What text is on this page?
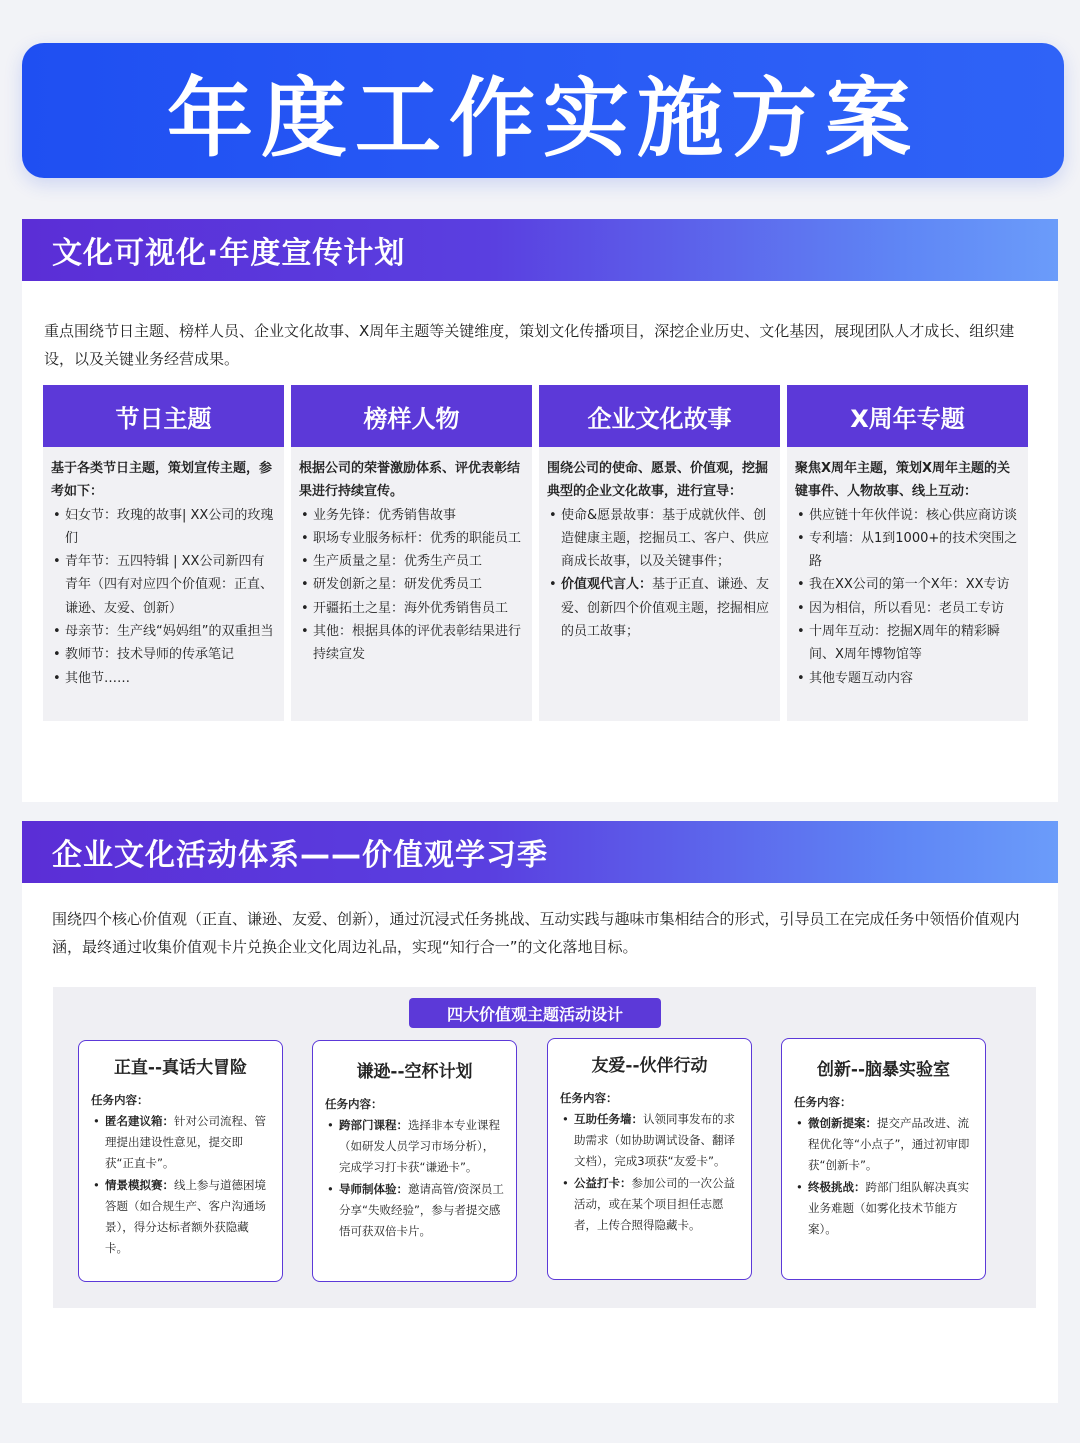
年度工作实施方案
文化可视化·年度宣传计划

重点围绕节日主题、榜样人员、企业文化故事、X周年主题等关键维度，策划文化传播项目，深挖企业历史、文化基因，展现团队人才成长、组织建设，以及关键业务经营成果。

节日主题
基于各类节日主题，策划宣传主题，参考如下：
• 妇女节：玫瑰的故事| XX公司的玫瑰们
• 青年节：五四特辑 | XX公司新四有青年（四有对应四个价值观：正直、谦逊、友爱、创新）
• 母亲节：生产线“妈妈组”的双重担当
• 教师节：技术导师的传承笔记
• 其他节……
榜样人物
根据公司的荣誉激励体系、评优表彰结果进行持续宣传。
• 业务先锋：优秀销售故事
• 职场专业服务标杆：优秀的职能员工
• 生产质量之星：优秀生产员工
• 研发创新之星：研发优秀员工
• 开疆拓土之星：海外优秀销售员工
• 其他：根据具体的评优表彰结果进行持续宣发
企业文化故事
围绕公司的使命、愿景、价值观，挖掘典型的企业文化故事，进行宣导：
• 使命&愿景故事：基于成就伙伴、创造健康主题，挖掘员工、客户、供应商成长故事，以及关键事件；
• 价值观代言人：基于正直、谦逊、友爱、创新四个价值观主题，挖掘相应的员工故事；
X周年专题
聚焦X周年主题，策划X周年主题的关键事件、人物故事、线上互动：
• 供应链十年伙伴说：核心供应商访谈
• 专利墙：从1到1000+的技术突围之路
• 我在XX公司的第一个X年：XX专访
• 因为相信，所以看见：老员工专访
• 十周年互动：挖掘X周年的精彩瞬间、X周年博物馆等
• 其他专题互动内容
企业文化活动体系——价值观学习季

围绕四个核心价值观（正直、谦逊、友爱、创新），通过沉浸式任务挑战、互动实践与趣味市集相结合的形式，引导员工在完成任务中领悟价值观内涵，最终通过收集价值观卡片兑换企业文化周边礼品，实现“知行合一”的文化落地目标。

四大价值观主题活动设计
正直--真话大冒险
任务内容：
• 匿名建议箱：针对公司流程、管理提出建设性意见，提交即获“正直卡”。
• 情景模拟赛：线上参与道德困境答题（如合规生产、客户沟通场景），得分达标者额外获隐藏卡。
谦逊--空杯计划
任务内容：
• 跨部门课程：选择非本专业课程（如研发人员学习市场分析），完成学习打卡获“谦逊卡”。
• 导师制体验：邀请高管/资深员工分享“失败经验”，参与者提交感悟可获双倍卡片。
友爱--伙伴行动
任务内容：
• 互助任务墙：认领同事发布的求助需求（如协助调试设备、翻译文档），完成3项获“友爱卡”。
• 公益打卡：参加公司的一次公益活动，或在某个项目担任志愿者，上传合照得隐藏卡。
创新--脑暴实验室
任务内容：
• 微创新提案：提交产品改进、流程优化等“小点子”，通过初审即获“创新卡”。
• 终极挑战：跨部门组队解决真实业务难题（如雾化技术节能方案）。
